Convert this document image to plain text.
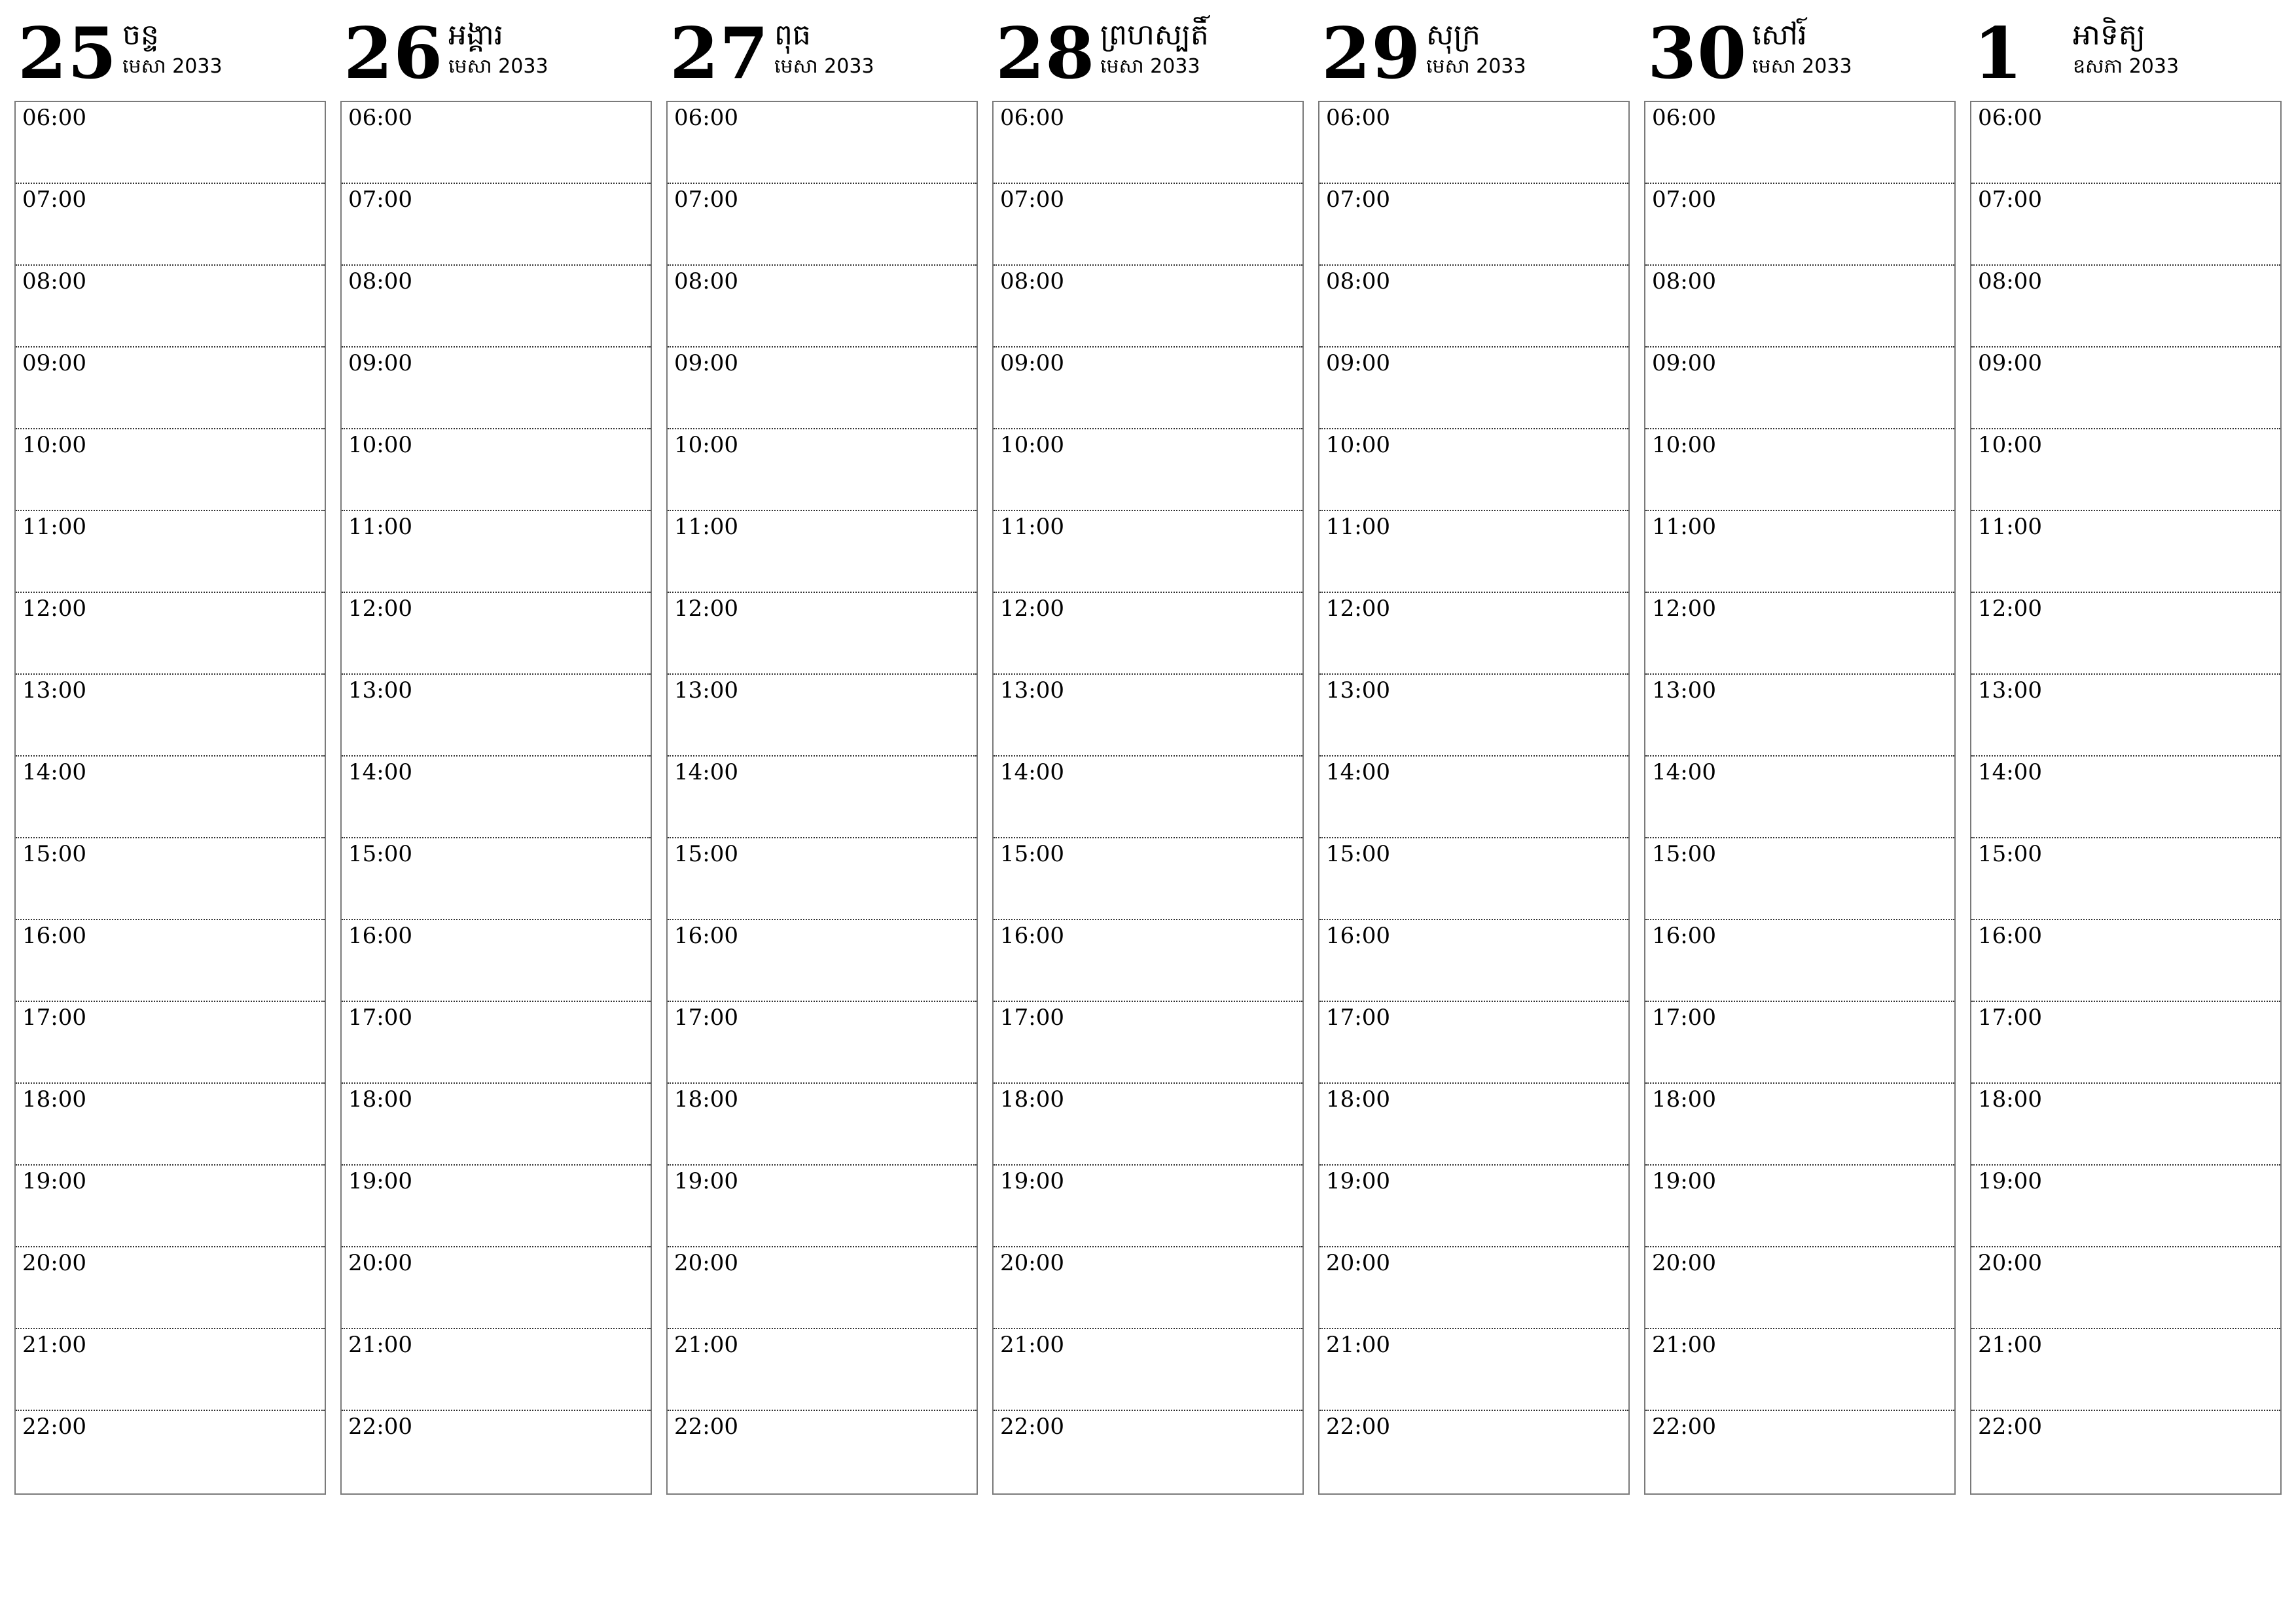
25 ចន្ទ
មេសា 2033
06:00
07:00
08:00
09:00
10:00
11:00
12:00
13:00
14:00
15:00
16:00
17:00
18:00
19:00
20:00
21:00
22:00
26 អង្គារ
មេសា 2033
06:00
07:00
08:00
09:00
10:00
11:00
12:00
13:00
14:00
15:00
16:00
17:00
18:00
19:00
20:00
21:00
22:00
27 ពុធ
មេសា 2033
06:00
07:00
08:00
09:00
10:00
11:00
12:00
13:00
14:00
15:00
16:00
17:00
18:00
19:00
20:00
21:00
22:00
28 ព្រហស្បតិ៍
មេសា 2033
06:00
07:00
08:00
09:00
10:00
11:00
12:00
13:00
14:00
15:00
16:00
17:00
18:00
19:00
20:00
21:00
22:00
29 សុក្រ
មេសា 2033
06:00
07:00
08:00
09:00
10:00
11:00
12:00
13:00
14:00
15:00
16:00
17:00
18:00
19:00
20:00
21:00
22:00
30 សៅរ៍
មេសា 2033
06:00
07:00
08:00
09:00
10:00
11:00
12:00
13:00
14:00
15:00
16:00
17:00
18:00
19:00
20:00
21:00
22:00
1 អាទិត្យ
ឧសភា 2033
06:00
07:00
08:00
09:00
10:00
11:00
12:00
13:00
14:00
15:00
16:00
17:00
18:00
19:00
20:00
21:00
22:00
